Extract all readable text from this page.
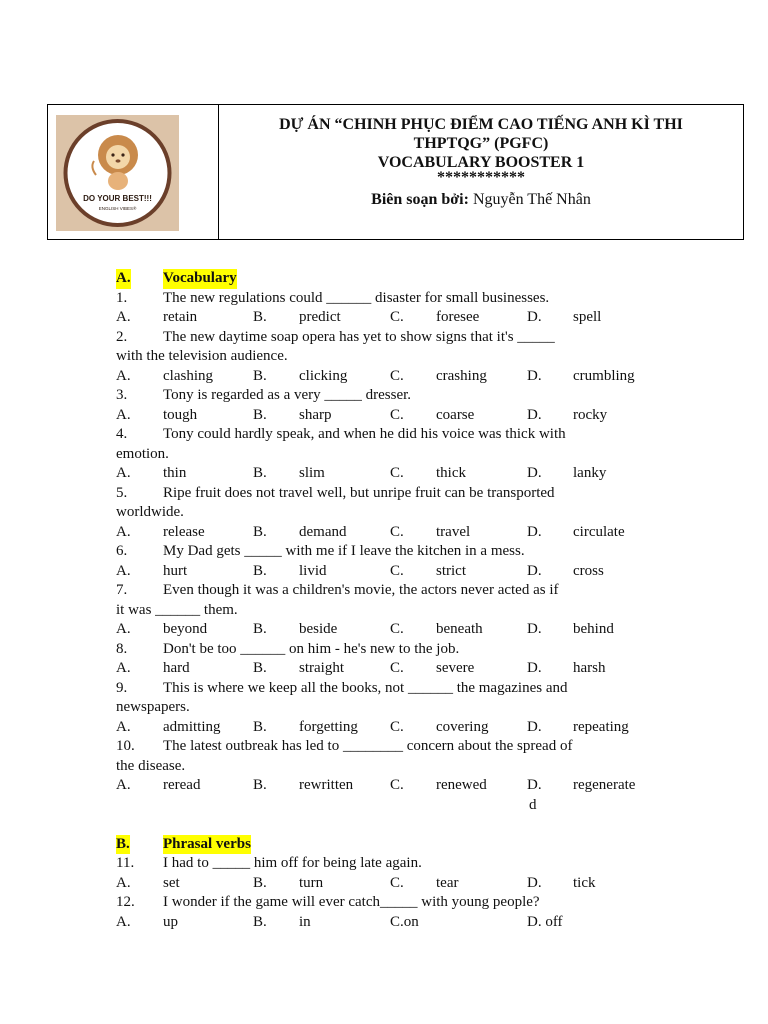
DO YOUR BEST!!!
ENGLISH VIBES®
DỰ ÁN “CHINH PHỤC ĐIỂM CAO TIẾNG ANH KÌ THI
THPTQG” (PGFC)
VOCABULARY BOOSTER 1
***********
Biên soạn bởi: Nguyễn Thế Nhân
A. Vocabulary
1. The new regulations could ______ disaster for small businesses.
A. retain	B. predict	C. foresee	D. spell
2. The new daytime soap opera has yet to show signs that it's _____
with the television audience.
A. clashing	B. clicking	C. crashing	D. crumbling
3. Tony is regarded as a very _____ dresser.
A. tough	B. sharp	C. coarse	D. rocky
4. Tony could hardly speak, and when he did his voice was thick with
emotion.
A. thin	B. slim	C. thick	D. lanky
5. Ripe fruit does not travel well, but unripe fruit can be transported
worldwide.
A. release	B. demand	C. travel	D. circulate
6. My Dad gets _____ with me if I leave the kitchen in a mess.
A. hurt	B. livid	C. strict	D. cross
7. Even though it was a children's movie, the actors never acted as if
it was ______ them.
A. beyond	B. beside	C. beneath	D. behind
8. Don't be too ______ on him - he's new to the job.
A. hard	B. straight	C. severe	D. harsh
9. This is where we keep all the books, not ______ the magazines and
newspapers.
A. admitting B. forgetting C. covering	D. repeating
10. The latest outbreak has led to ________ concern about the spread of
the disease.
A. reread	B. rewritten C. renewed	D. regenerate
d
B. Phrasal verbs
11. I had to _____ him off for being late again.
A. set	B. turn	C. tear	D. tick
12. I wonder if the game will ever catch_____ with young people?
A. up	B. in	C.on	D. off
